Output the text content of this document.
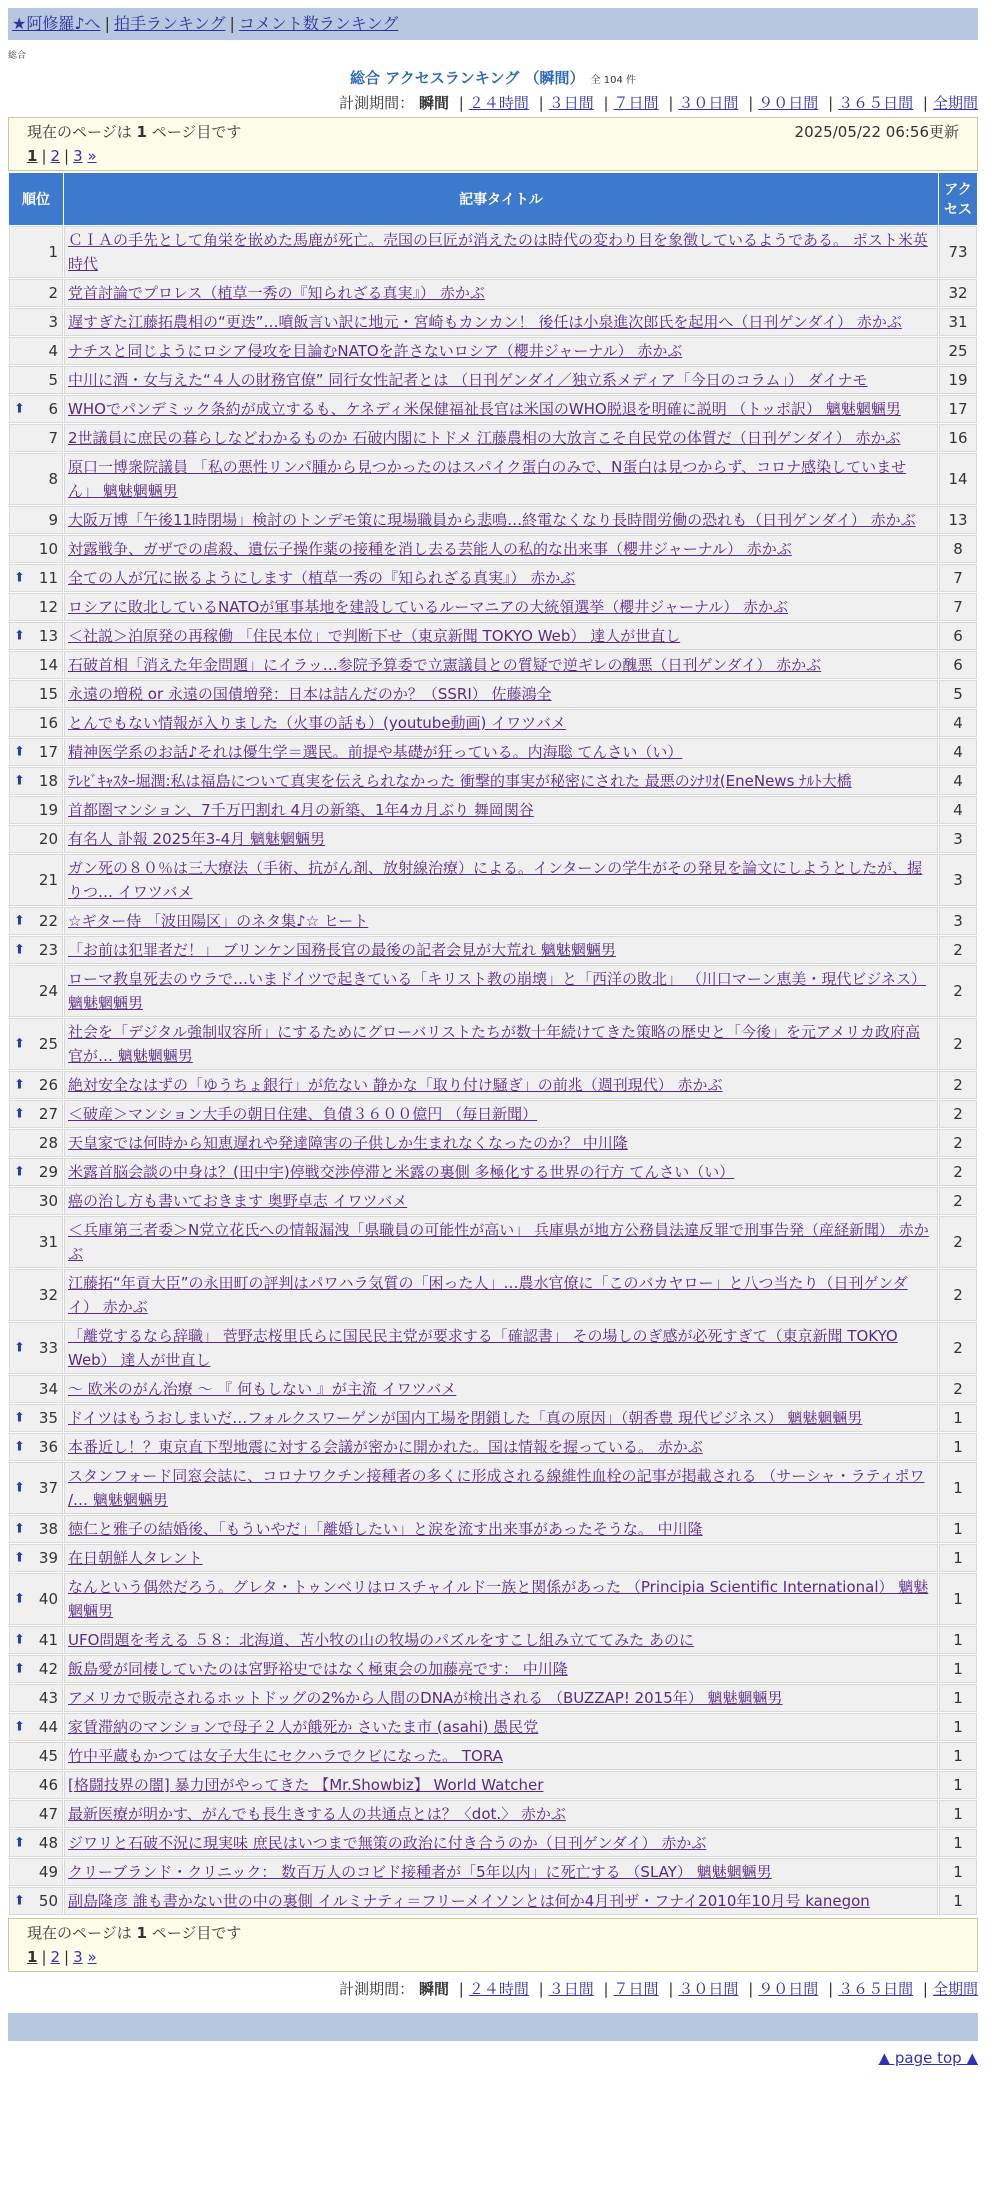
★阿修羅♪へ | 拍手ランキング | コメント数ランキング
総合
総合 アクセスランキング （瞬間） 全 104 件
計測期間： 瞬間 | ２４時間 | ３日間 | ７日間 | ３０日間 | ９０日間 | ３６５日間 | 全期間
現在のページは 1 ページ目です	2025/05/22 06:56更新
1 | 2 | 3 »
順位	記事タイトル	アクセス
1	ＣＩＡの手先として角栄を嵌めた馬鹿が死亡。売国の巨匠が消えたのは時代の変わり目を象徴しているようである。 ポスト米英時代	73
2	党首討論でプロレス（植草一秀の『知られざる真実』） 赤かぶ	32
3	遅すぎた江藤拓農相の“更迭”…噴飯言い訳に地元・宮崎もカンカン！ 後任は小泉進次郎氏を起用へ（日刊ゲンダイ） 赤かぶ	31
4	ナチスと同じようにロシア侵攻を目論むNATOを許さないロシア（櫻井ジャーナル） 赤かぶ	25
5	中川に酒・女与えた“４人の財務官僚” 同行女性記者とは （日刊ゲンダイ／独立系メディア「今日のコラム」） ダイナモ	19

⬆ 6	WHOでパンデミック条約が成立するも、ケネディ米保健福祉長官は米国のWHO脱退を明確に説明 （トッポ訳） 魑魅魍魎男	17
7	2世議員に庶民の暮らしなどわかるものか 石破内閣にトドメ 江藤農相の大放言こそ自民党の体質だ（日刊ゲンダイ） 赤かぶ	16
8	原口一博衆院議員 「私の悪性リンパ腫から見つかったのはスパイク蛋白のみで、N蛋白は見つからず、コロナ感染していません」 魑魅魍魎男	14
9	大阪万博「午後11時閉場」検討のトンデモ策に現場職員から悲鳴…終電なくなり長時間労働の恐れも（日刊ゲンダイ） 赤かぶ	13
10	対露戦争、ガザでの虐殺、遺伝子操作薬の接種を消し去る芸能人の私的な出来事（櫻井ジャーナル） 赤かぶ	8

⬆ 11	全ての人が冗に嵌るようにします（植草一秀の『知られざる真実』） 赤かぶ	7
12	ロシアに敗北しているNATOが軍事基地を建設しているルーマニアの大統領選挙（櫻井ジャーナル） 赤かぶ	7

⬆ 13	＜社説＞泊原発の再稼働 「住民本位」で判断下せ（東京新聞 TOKYO Web） 達人が世直し	6
14	石破首相「消えた年金問題」にイラッ…参院予算委で立憲議員との質疑で逆ギレの醜悪（日刊ゲンダイ） 赤かぶ	6
15	永遠の増税 or 永遠の国債増発：日本は詰んだのか？（SSRI） 佐藤鴻全	5
16	とんでもない情報が入りました（火事の話も）(youtube動画) イワツバメ	4

⬆ 17	精神医学系のお話♪それは優生学＝選民。前提や基礎が狂っている。内海聡 てんさい（い）	4

⬆ 18	ﾃﾚﾋﾞｷｬｽﾀｰ堀潤:私は福島について真実を伝えられなかった 衝撃的事実が秘密にされた 最悪のｼﾅﾘｵ(EneNews ﾅﾙﾄ大橋	4
19	首都圏マンション、7千万円割れ 4月の新築、1年4カ月ぶり 舞岡関谷	4
20	有名人 訃報 2025年3-4月 魑魅魍魎男	3
21	ガン死の８０％は三大療法（手術、抗がん剤、放射線治療）による。インターンの学生がその発見を論文にしようとしたが、握りつ… イワツバメ	3

⬆ 22	☆ギター侍 「波田陽区」のネタ集♪☆ ヒート	3

⬆ 23	「お前は犯罪者だ！」 ブリンケン国務長官の最後の記者会見が大荒れ 魑魅魍魎男	2
24	ローマ教皇死去のウラで…いまドイツで起きている「キリスト教の崩壊」と「西洋の敗北」 （川口マーン恵美・現代ビジネス） 魑魅魍魎男	2

⬆ 25	社会を「デジタル強制収容所」にするためにグローバリストたちが数十年続けてきた策略の歴史と「今後」を元アメリカ政府高官が… 魑魅魍魎男	2

⬆ 26	絶対安全なはずの「ゆうちょ銀行」が危ない 静かな「取り付け騒ぎ」の前兆（週刊現代） 赤かぶ	2

⬆ 27	＜破産＞マンション大手の朝日住建、負債３６００億円 （毎日新聞）	2
28	天皇家では何時から知恵遅れや発達障害の子供しか生まれなくなったのか？ 中川隆	2

⬆ 29	米露首脳会談の中身は？(田中宇)停戦交渉停滞と米露の裏側 多極化する世界の行方 てんさい（い）	2
30	癌の治し方も書いておきます 奥野卓志 イワツバメ	2
31	＜兵庫第三者委＞N党立花氏への情報漏洩「県職員の可能性が高い」 兵庫県が地方公務員法違反罪で刑事告発（産経新聞） 赤かぶ	2
32	江藤拓“年貢大臣”の永田町の評判はパワハラ気質の「困った人」…農水官僚に「このバカヤロー」と八つ当たり（日刊ゲンダイ） 赤かぶ	2

⬆ 33	「離党するなら辞職」 菅野志桜里氏らに国民民主党が要求する「確認書」 その場しのぎ感が必死すぎて（東京新聞 TOKYO Web） 達人が世直し	2
34	～ 欧米のがん治療 ～ 『 何もしない 』が主流 イワツバメ	2

⬆ 35	ドイツはもうおしまいだ…フォルクスワーゲンが国内工場を閉鎖した「真の原因」（朝香豊 現代ビジネス） 魑魅魍魎男	1

⬆ 36	本番近し！？東京直下型地震に対する会議が密かに開かれた。国は情報を握っている。 赤かぶ	1

⬆ 37	スタンフォード同窓会誌に、コロナワクチン接種者の多くに形成される線維性血栓の記事が掲載される （サーシャ・ラティポワ /… 魑魅魍魎男	1

⬆ 38	徳仁と雅子の結婚後、「もういやだ」「離婚したい」と涙を流す出来事があったそうな。 中川隆	1

⬆ 39	在日朝鮮人タレント	1

⬆ 40	なんという偶然だろう。グレタ・トゥンベリはロスチャイルド一族と関係があった （Principia Scientific International） 魑魅魍魎男	1

⬆ 41	UFO問題を考える ５８：北海道、苫小牧の山の牧場のパズルをすこし組み立ててみた あのに	1

⬆ 42	飯島愛が同棲していたのは宮野裕史ではなく極東会の加藤亮です： 中川隆	1
43	アメリカで販売されるホットドッグの2%から人間のDNAが検出される （BUZZAP! 2015年） 魑魅魍魎男	1

⬆ 44	家賃滞納のマンションで母子２人が餓死か さいたま市 (asahi) 愚民党	1
45	竹中平蔵もかつては女子大生にセクハラでクビになった。 TORA	1
46	[格闘技界の闇] 暴力団がやってきた 【Mr.Showbiz】 World Watcher	1
47	最新医療が明かす、がんでも長生きする人の共通点とは？〈dot.〉 赤かぶ	1

⬆ 48	ジワリと石破不況に現実味 庶民はいつまで無策の政治に付き合うのか（日刊ゲンダイ） 赤かぶ	1
49	クリーブランド・クリニック： 数百万人のコビド接種者が「5年以内」に死亡する （SLAY） 魑魅魍魎男	1

⬆ 50	副島隆彦 誰も書かない世の中の裏側 イルミナティ＝フリーメイソンとは何か4月刊ザ・フナイ2010年10月号 kanegon	1
現在のページは 1 ページ目です
1 | 2 | 3 »
計測期間： 瞬間 | ２４時間 | ３日間 | ７日間 | ３０日間 | ９０日間 | ３６５日間 | 全期間
▲ page top ▲
